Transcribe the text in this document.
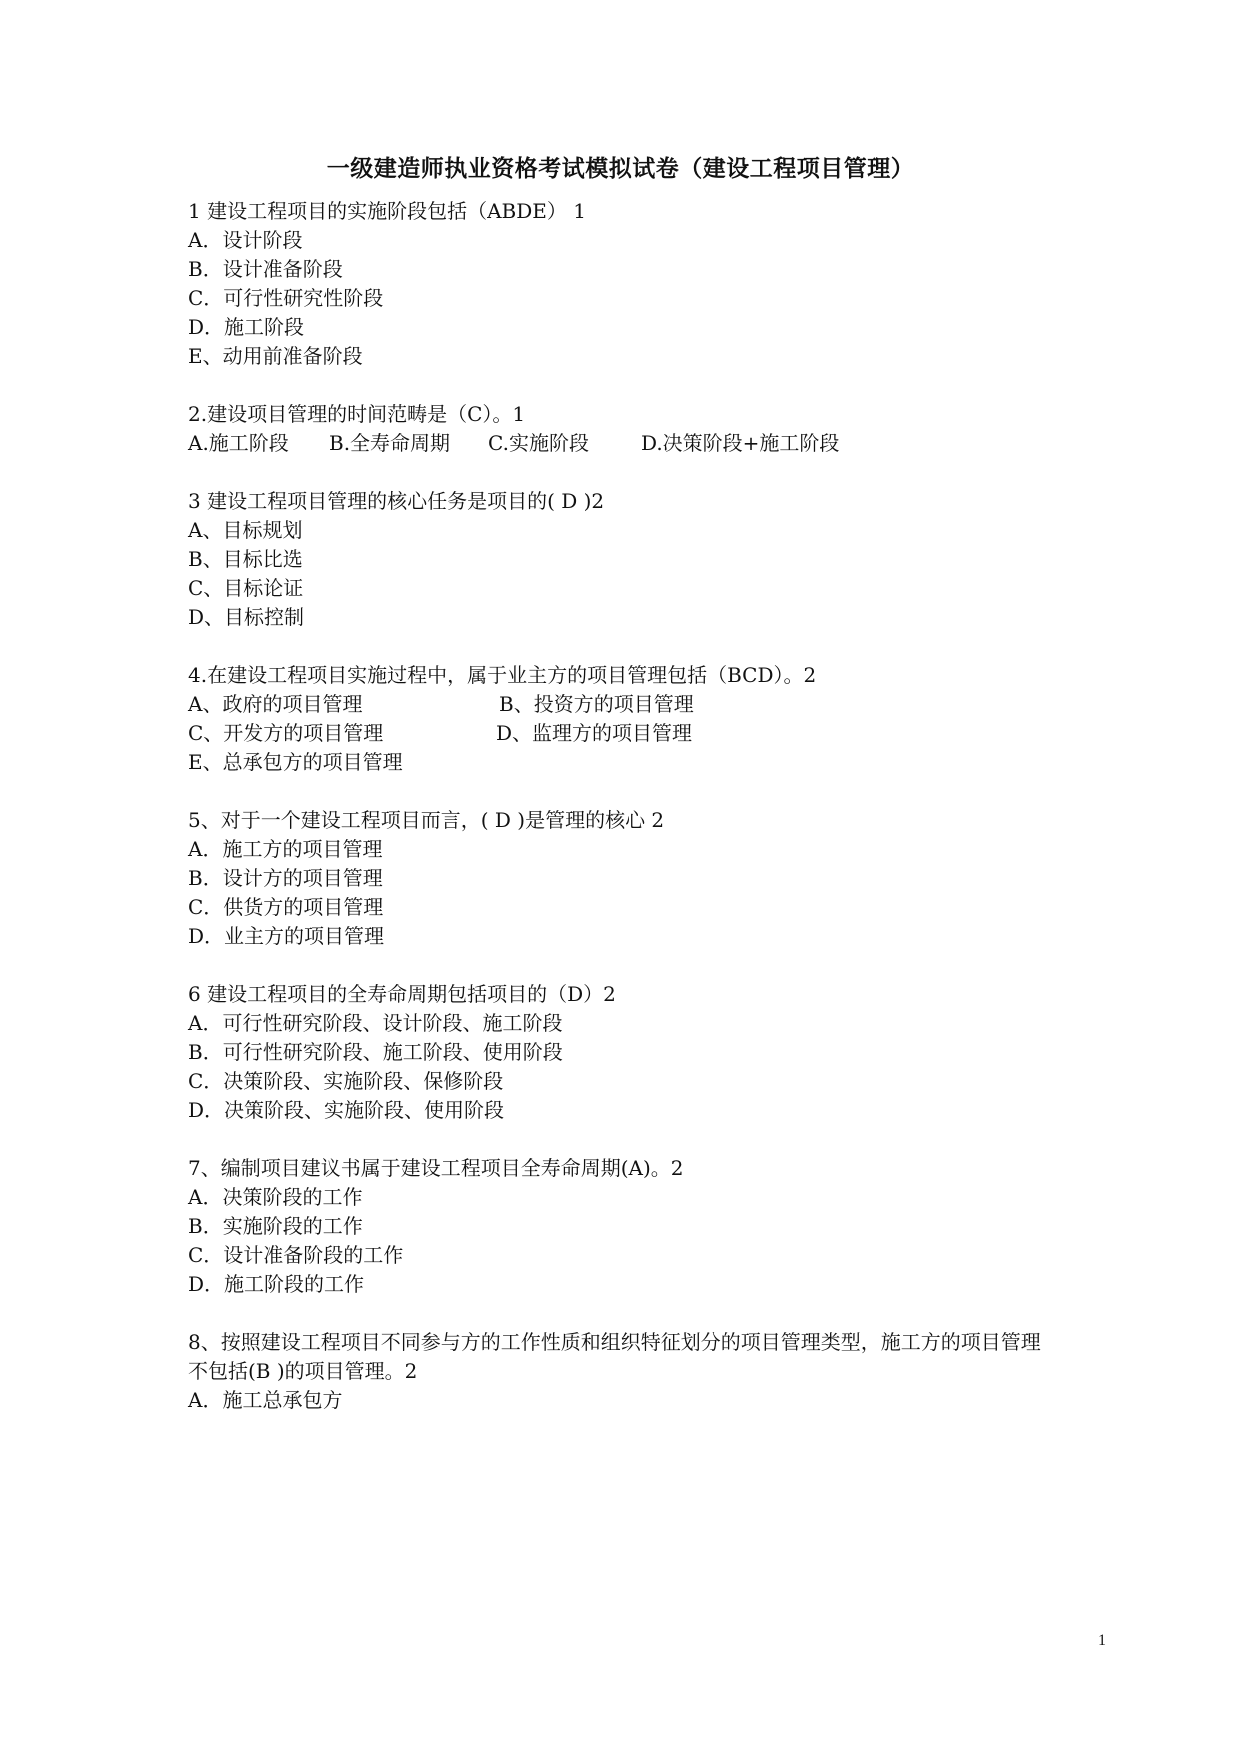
一级建造师执业资格考试模拟试卷（建设工程项目管理）
1 建设工程项目的实施阶段包括（ABDE） 1
A．设计阶段
B．设计准备阶段
C．可行性研究性阶段
D．施工阶段
E、动用前准备阶段
2.建设项目管理的时间范畴是（C）。1
A.施工阶段 B.全寿命周期 C.实施阶段	D.决策阶段+施工阶段
3 建设工程项目管理的核心任务是项目的( D )2
A、目标规划
B、目标比选
C、目标论证
D、目标控制
4.在建设工程项目实施过程中，属于业主方的项目管理包括（BCD）。2
A、政府的项目管理	B、投资方的项目管理
C、开发方的项目管理	D、监理方的项目管理
E、总承包方的项目管理
5、对于一个建设工程项目而言，( D )是管理的核心 2
A．施工方的项目管理
B．设计方的项目管理
C．供货方的项目管理
D．业主方的项目管理
6 建设工程项目的全寿命周期包括项目的（D）2
A．可行性研究阶段、设计阶段、施工阶段
B．可行性研究阶段、施工阶段、使用阶段
C．决策阶段、实施阶段、保修阶段
D．决策阶段、实施阶段、使用阶段
7、编制项目建议书属于建设工程项目全寿命周期(A)。2
A．决策阶段的工作
B．实施阶段的工作
C．设计准备阶段的工作
D．施工阶段的工作
8、按照建设工程项目不同参与方的工作性质和组织特征划分的项目管理类型，施工方的项目管理
不包括(B )的项目管理。2
A．施工总承包方
1
